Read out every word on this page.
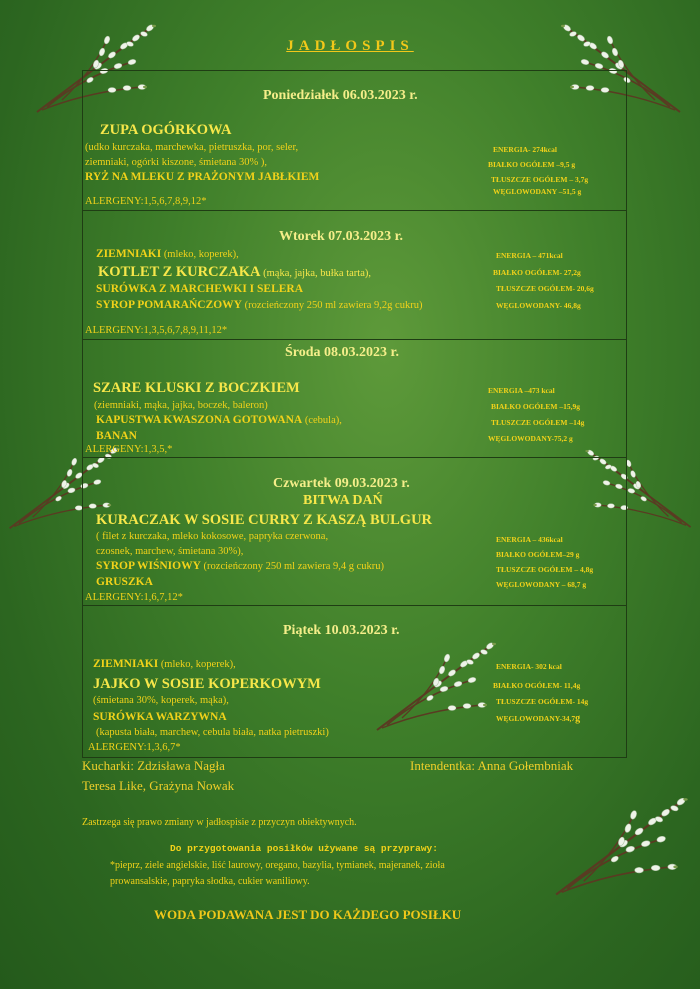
JADŁOSPIS
Poniedziałek 06.03.2023 r.
ZUPA OGÓRKOWA
(udko kurczaka, marchewka, pietruszka, por, seler,
ziemniaki, ogórki kiszone, śmietana 30% ),
RYŻ NA MLEKU Z PRAŻONYM JABŁKIEM
ALERGENY:1,5,6,7,8,9,12*
ENERGIA- 274kcal
BIAŁKO OGÓŁEM –9,5 g
TŁUSZCZE OGÓŁEM – 3,7g
WĘGLOWODANY –51,5 g
Wtorek 07.03.2023 r.
ZIEMNIAKI (mleko, koperek),
KOTLET Z KURCZAKA (mąka, jajka, bułka tarta),
SURÓWKA Z MARCHEWKI I SELERA
SYROP POMARAŃCZOWY (rozcieńczony 250 ml zawiera 9,2g cukru)
ALERGENY:1,3,5,6,7,8,9,11,12*
ENERGIA – 471kcal
BIAŁKO OGÓŁEM- 27,2g
TŁUSZCZE OGÓŁEM- 20,6g
WĘGLOWODANY- 46,8g
Środa 08.03.2023 r.
SZARE KLUSKI Z BOCZKIEM
(ziemniaki, mąka, jajka, boczek, baleron)
KAPUSTWA KWASZONA GOTOWANA (cebula),
BANAN
ALERGENY:1,3,5,*
ENERGIA –473 kcal
BIAŁKO OGÓŁEM –15,9g
TŁUSZCZE OGÓŁEM –14g
WĘGLOWODANY-75,2 g
Czwartek 09.03.2023 r.
BITWA DAŃ
KURACZAK W SOSIE CURRY Z KASZĄ BULGUR
( filet z kurczaka, mleko kokosowe, papryka czerwona,
czosnek, marchew, śmietana 30%),
SYROP WIŚNIOWY (rozcieńczony 250 ml zawiera 9,4 g cukru)
GRUSZKA
ALERGENY:1,6,7,12*
ENERGIA – 436kcal
BIAŁKO OGÓŁEM–29 g
TŁUSZCZE OGÓŁEM – 4,8g
WĘGLOWODANY – 68,7 g
Piątek 10.03.2023 r.
ZIEMNIAKI (mleko, koperek),
JAJKO W SOSIE KOPERKOWYM
(śmietana 30%, koperek, mąka),
SURÓWKA WARZYWNA
(kapusta biała, marchew, cebula biała, natka pietruszki)
ALERGENY:1,3,6,7*
ENERGIA- 302 kcal
BIAŁKO OGÓŁEM- 11,4g
TŁUSZCZE OGÓŁEM- 14g
WĘGLOWODANY-34,7g
Kucharki: Zdzisława Nagła
Teresa Like, Grażyna Nowak
Intendentka: Anna Gołembniak
Zastrzega się prawo zmiany w jadłospisie z przyczyn obiektywnych.
Do przygotowania posiłków używane są przyprawy:
*pieprz, ziele angielskie, liść laurowy, oregano, bazylia, tymianek, majeranek, zioła
prowansalskie, papryka słodka, cukier waniliowy.
WODA PODAWANA JEST DO KAŻDEGO POSIŁKU
